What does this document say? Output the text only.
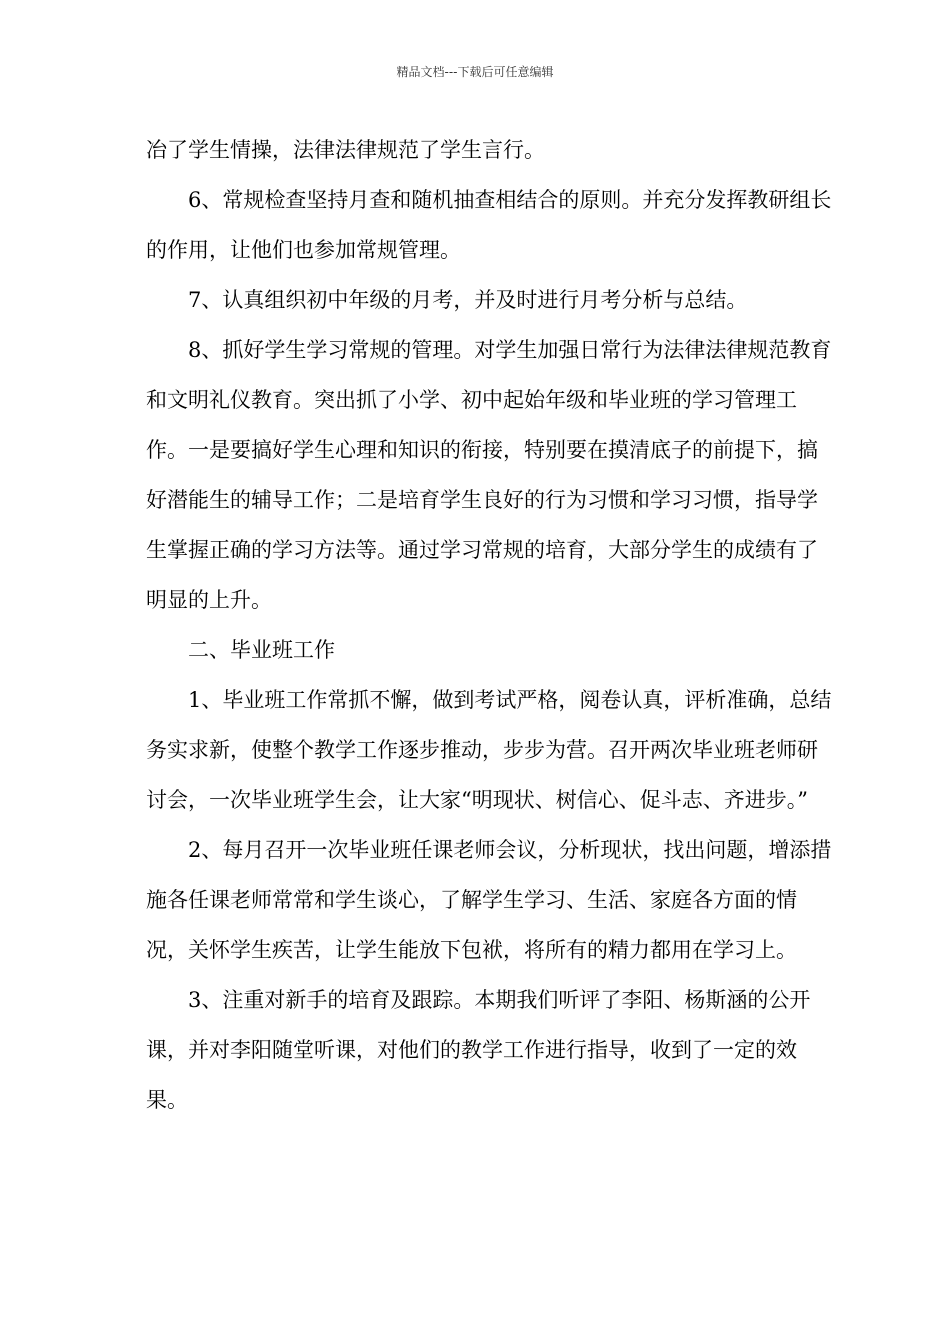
精品文档---下载后可任意编辑

冶了学生情操，法律法律规范了学生言行。

6、常规检查坚持月查和随机抽查相结合的原则。并充分发挥教研组长的作用，让他们也参加常规管理。

7、认真组织初中年级的月考，并及时进行月考分析与总结。

8、抓好学生学习常规的管理。对学生加强日常行为法律法律规范教育和文明礼仪教育。突出抓了小学、初中起始年级和毕业班的学习管理工作。一是要搞好学生心理和知识的衔接，特别要在摸清底子的前提下，搞好潜能生的辅导工作；二是培育学生良好的行为习惯和学习习惯，指导学生掌握正确的学习方法等。通过学习常规的培育，大部分学生的成绩有了明显的上升。

二、毕业班工作

1、毕业班工作常抓不懈，做到考试严格，阅卷认真，评析准确，总结务实求新，使整个教学工作逐步推动，步步为营。召开两次毕业班老师研讨会，一次毕业班学生会，让大家“明现状、树信心、促斗志、齐进步。”

2、每月召开一次毕业班任课老师会议，分析现状，找出问题，增添措施各任课老师常常和学生谈心，了解学生学习、生活、家庭各方面的情况，关怀学生疾苦，让学生能放下包袱，将所有的精力都用在学习上。

3、注重对新手的培育及跟踪。本期我们听评了李阳、杨斯涵的公开课，并对李阳随堂听课，对他们的教学工作进行指导，收到了一定的效果。
